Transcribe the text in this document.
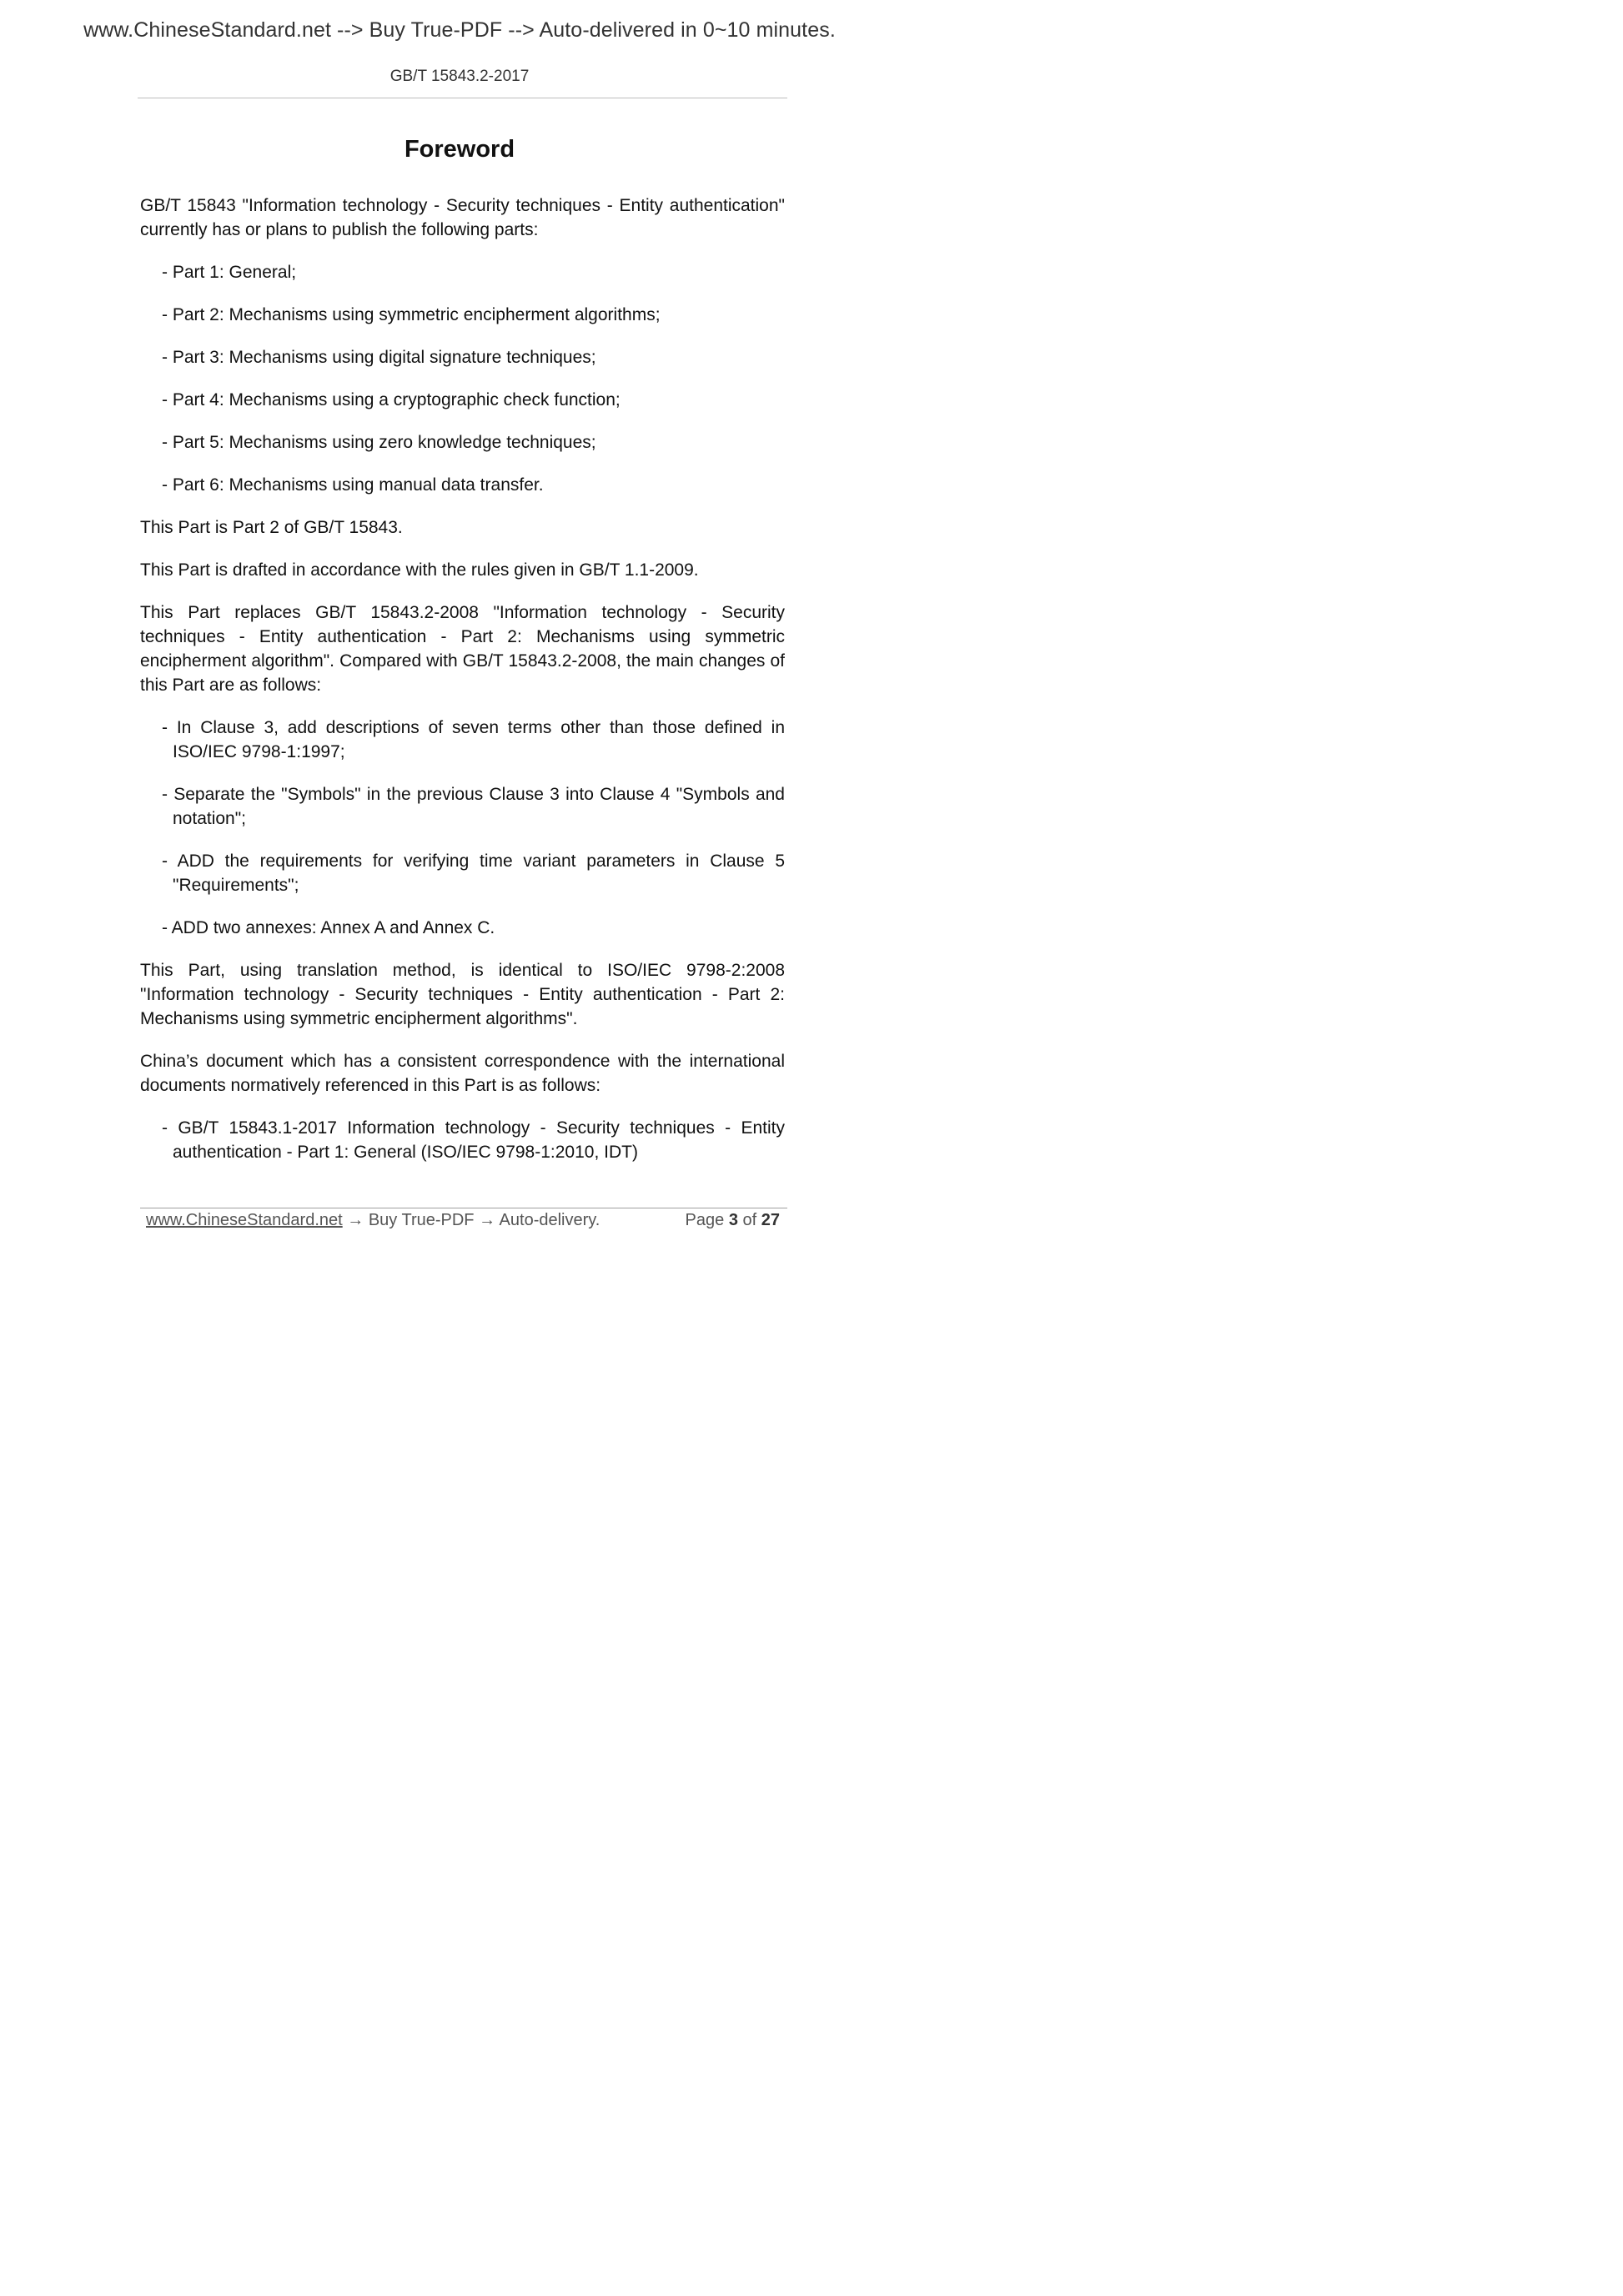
www.ChineseStandard.net --> Buy True-PDF --> Auto-delivered in 0~10 minutes.
GB/T 15843.2-2017
Foreword

GB/T 15843 "Information technology - Security techniques - Entity authentication" currently has or plans to publish the following parts:

- Part 1: General;

- Part 2: Mechanisms using symmetric encipherment algorithms;

- Part 3: Mechanisms using digital signature techniques;

- Part 4: Mechanisms using a cryptographic check function;

- Part 5: Mechanisms using zero knowledge techniques;

- Part 6: Mechanisms using manual data transfer.

This Part is Part 2 of GB/T 15843.

This Part is drafted in accordance with the rules given in GB/T 1.1-2009.

This Part replaces GB/T 15843.2-2008 "Information technology - Security techniques - Entity authentication - Part 2: Mechanisms using symmetric encipherment algorithm". Compared with GB/T 15843.2-2008, the main changes of this Part are as follows:

- In Clause 3, add descriptions of seven terms other than those defined in ISO/IEC 9798-1:1997;

- Separate the "Symbols" in the previous Clause 3 into Clause 4 "Symbols and notation";

- ADD the requirements for verifying time variant parameters in Clause 5 "Requirements";

- ADD two annexes: Annex A and Annex C.

This Part, using translation method, is identical to ISO/IEC 9798-2:2008 "Information technology - Security techniques - Entity authentication - Part 2: Mechanisms using symmetric encipherment algorithms".

China’s document which has a consistent correspondence with the international documents normatively referenced in this Part is as follows:

- GB/T 15843.1-2017 Information technology - Security techniques - Entity authentication - Part 1: General (ISO/IEC 9798-1:2010, IDT)

www.ChineseStandard.net → Buy True-PDF → Auto-delivery.	Page 3 of 27
